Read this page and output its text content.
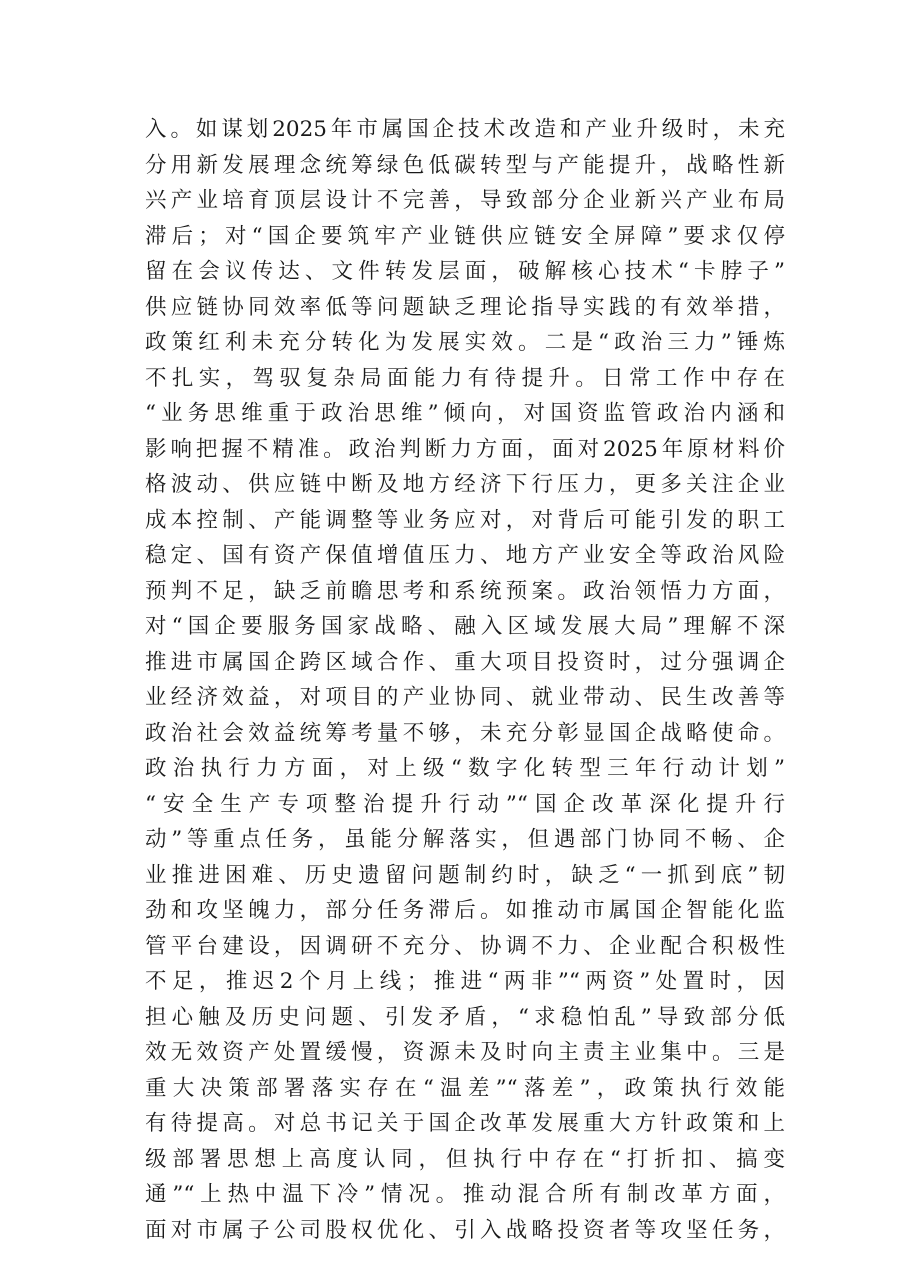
入。如谋划2025年市属国企技术改造和产业升级时，未充
分用新发展理念统筹绿色低碳转型与产能提升，战略性新
兴产业培育顶层设计不完善，导致部分企业新兴产业布局
滞后；对“国企要筑牢产业链供应链安全屏障”要求仅停
留在会议传达、文件转发层面，破解核心技术“卡脖子”
供应链协同效率低等问题缺乏理论指导实践的有效举措，
政策红利未充分转化为发展实效。二是“政治三力”锤炼
不扎实，驾驭复杂局面能力有待提升。日常工作中存在
“业务思维重于政治思维”倾向，对国资监管政治内涵和
影响把握不精准。政治判断力方面，面对2025年原材料价
格波动、供应链中断及地方经济下行压力，更多关注企业
成本控制、产能调整等业务应对，对背后可能引发的职工
稳定、国有资产保值增值压力、地方产业安全等政治风险
预判不足，缺乏前瞻思考和系统预案。政治领悟力方面，
对“国企要服务国家战略、融入区域发展大局”理解不深
推进市属国企跨区域合作、重大项目投资时，过分强调企
业经济效益，对项目的产业协同、就业带动、民生改善等
政治社会效益统筹考量不够，未充分彰显国企战略使命。
政治执行力方面，对上级“数字化转型三年行动计划”
“安全生产专项整治提升行动”“国企改革深化提升行
动”等重点任务，虽能分解落实，但遇部门协同不畅、企
业推进困难、历史遗留问题制约时，缺乏“一抓到底”韧
劲和攻坚魄力，部分任务滞后。如推动市属国企智能化监
管平台建设，因调研不充分、协调不力、企业配合积极性
不足，推迟2个月上线；推进“两非”“两资”处置时，因
担心触及历史问题、引发矛盾，“求稳怕乱”导致部分低
效无效资产处置缓慢，资源未及时向主责主业集中。三是
重大决策部署落实存在“温差”“落差”，政策执行效能
有待提高。对总书记关于国企改革发展重大方针政策和上
级部署思想上高度认同，但执行中存在“打折扣、搞变
通”“上热中温下冷”情况。推动混合所有制改革方面，
面对市属子公司股权优化、引入战略投资者等攻坚任务，
